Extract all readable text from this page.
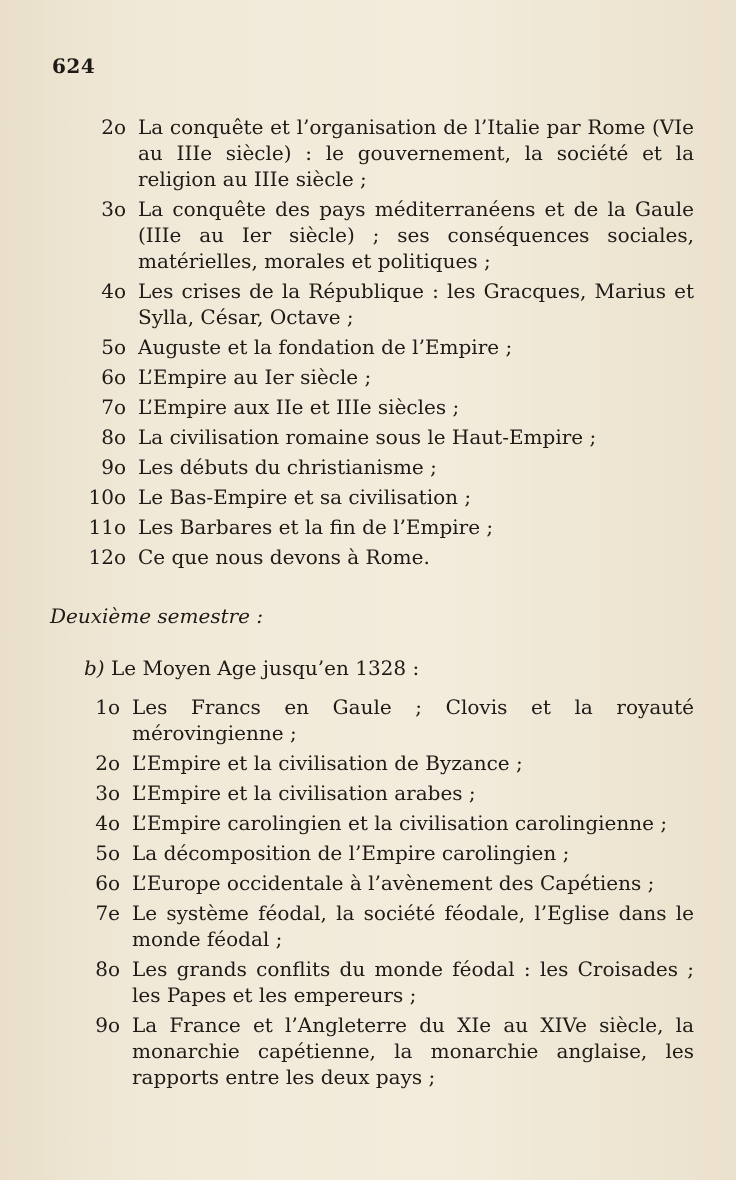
624
2o La conquête et l’organisation de l’Italie par Rome (VIe au IIIe siècle) : le gouvernement, la société et la religion au IIIe siècle ;
3o La conquête des pays méditerranéens et de la Gaule (IIIe au Ier siècle) ; ses conséquences sociales, matérielles, morales et politiques ;
4o Les crises de la République : les Gracques, Marius et Sylla, César, Octave ;
5o Auguste et la fondation de l’Empire ;
6o L’Empire au Ier siècle ;
7o L’Empire aux IIe et IIIe siècles ;
8o La civilisation romaine sous le Haut-Empire ;
9o Les débuts du christianisme ;
10o Le Bas-Empire et sa civilisation ;
11o Les Barbares et la fin de l’Empire ;
12o Ce que nous devons à Rome.
Deuxième semestre :
b) Le Moyen Age jusqu’en 1328 :
1o Les Francs en Gaule ; Clovis et la royauté mérovingienne ;
2o L’Empire et la civilisation de Byzance ;
3o L’Empire et la civilisation arabes ;
4o L’Empire carolingien et la civilisation carolingienne ;
5o La décomposition de l’Empire carolingien ;
6o L’Europe occidentale à l’avènement des Capétiens ;
7e Le système féodal, la société féodale, l’Eglise dans le monde féodal ;
8o Les grands conflits du monde féodal : les Croisades ; les Papes et les empereurs ;
9o La France et l’Angleterre du XIe au XIVe siècle, la monarchie capétienne, la monarchie anglaise, les rapports entre les deux pays ;
